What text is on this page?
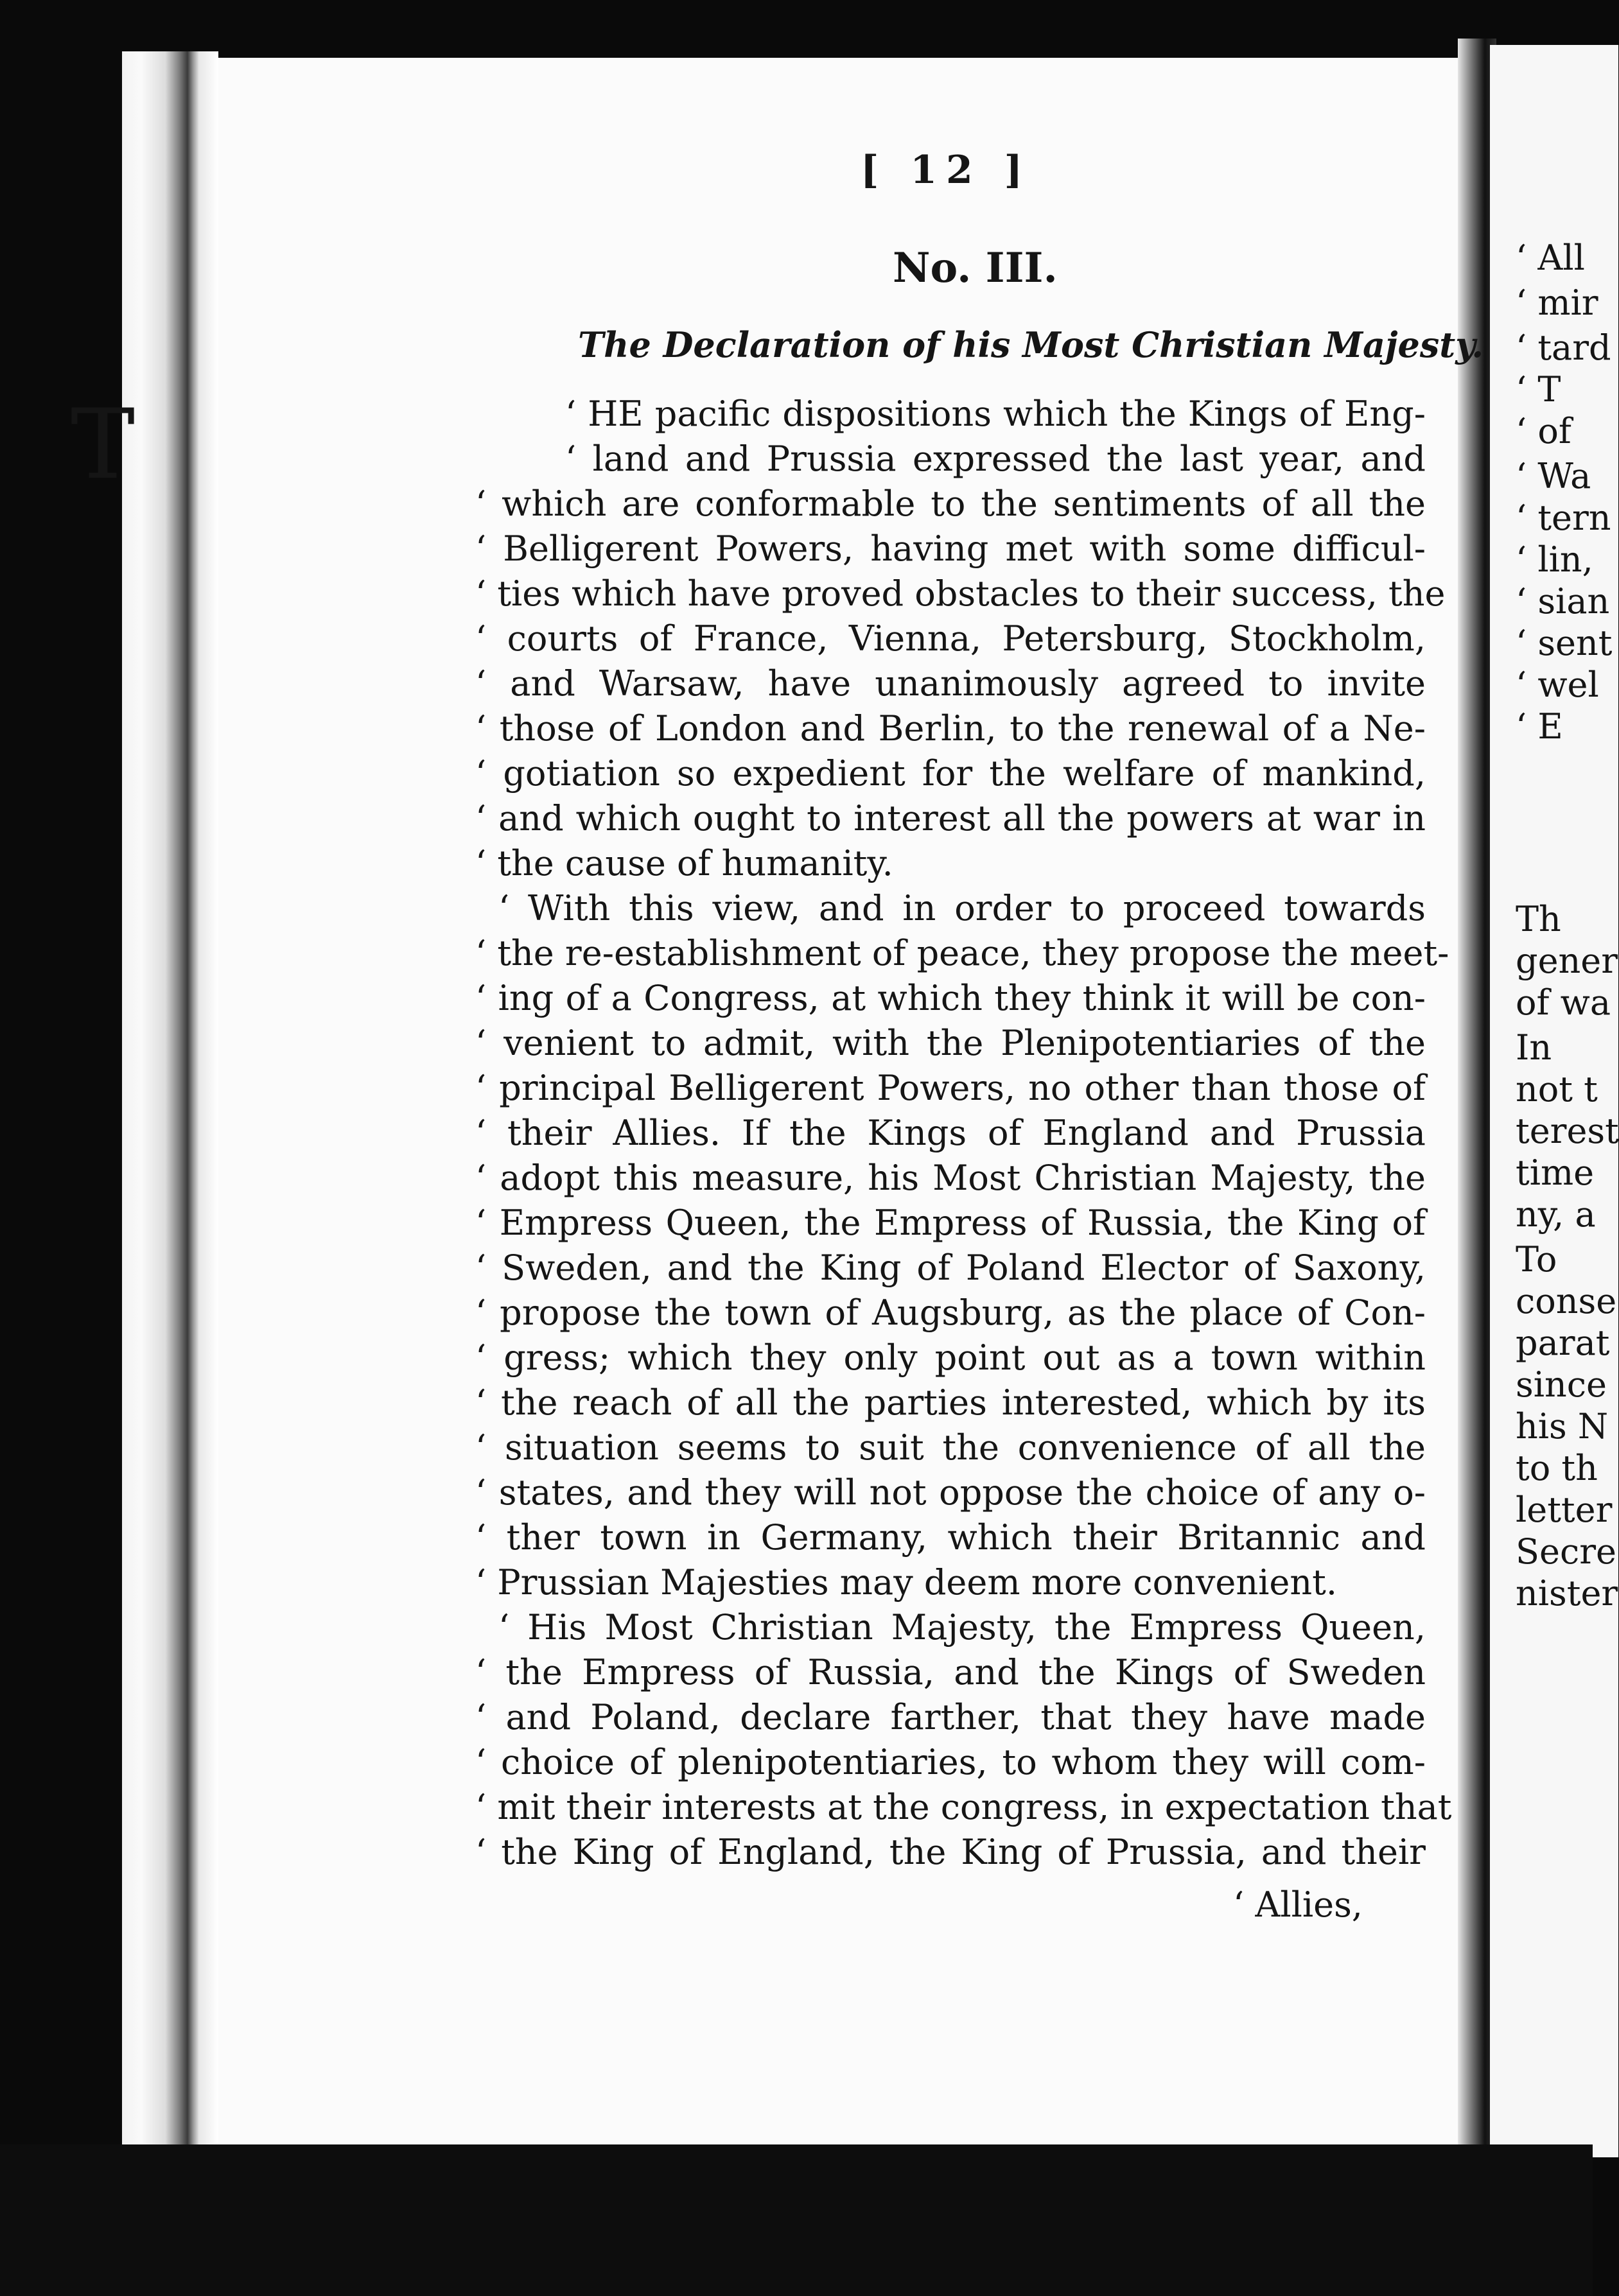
‘ All
‘ mir
‘ tard
‘ T
‘ of
‘ Wa
‘ tern
‘ lin,
‘ sian
‘ sent
‘ wel
‘ E
Th
gener
of wa
In
not t
terest
time
ny, a
To
conse
parat
since
his N
to th
letter
Secre
nister
[ 12 ]
No. III.
The Declaration of his Most Christian Majesty.
T	‘ HE pacific dispositions which the Kings of Eng-
‘ land and Prussia expressed the last year, and
‘ which are conformable to the sentiments of all the
‘ Belligerent Powers, having met with some difficul-
‘ ties which have proved obstacles to their success, the
‘ courts of France, Vienna, Petersburg, Stockholm,
‘ and Warsaw, have unanimously agreed to invite
‘ those of London and Berlin, to the renewal of a Ne-
‘ gotiation so expedient for the welfare of mankind,
‘ and which ought to interest all the powers at war in
‘ the cause of humanity.
‘ With this view, and in order to proceed towards
‘ the re-establishment of peace, they propose the meet-
‘ ing of a Congress, at which they think it will be con-
‘ venient to admit, with the Plenipotentiaries of the
‘ principal Belligerent Powers, no other than those of
‘ their Allies. If the Kings of England and Prussia
‘ adopt this measure, his Most Christian Majesty, the
‘ Empress Queen, the Empress of Russia, the King of
‘ Sweden, and the King of Poland Elector of Saxony,
‘ propose the town of Augsburg, as the place of Con-
‘ gress; which they only point out as a town within
‘ the reach of all the parties interested, which by its
‘ situation seems to suit the convenience of all the
‘ states, and they will not oppose the choice of any o-
‘ ther town in Germany, which their Britannic and
‘ Prussian Majesties may deem more convenient.
‘ His Most Christian Majesty, the Empress Queen,
‘ the Empress of Russia, and the Kings of Sweden
‘ and Poland, declare farther, that they have made
‘ choice of plenipotentiaries, to whom they will com-
‘ mit their interests at the congress, in expectation that
‘ the King of England, the King of Prussia, and their
‘ Allies,
